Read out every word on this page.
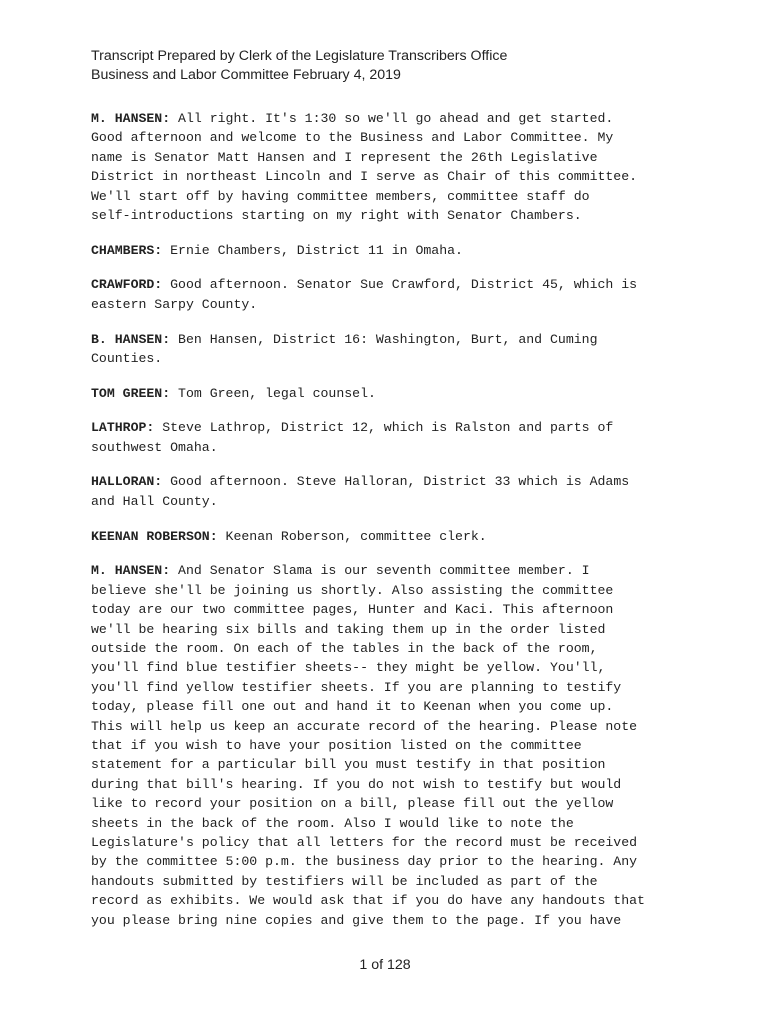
Transcript Prepared by Clerk of the Legislature Transcribers Office
Business and Labor Committee February 4, 2019
M. HANSEN: All right. It's 1:30 so we'll go ahead and get started.
Good afternoon and welcome to the Business and Labor Committee. My
name is Senator Matt Hansen and I represent the 26th Legislative
District in northeast Lincoln and I serve as Chair of this committee.
We'll start off by having committee members, committee staff do
self-introductions starting on my right with Senator Chambers.
CHAMBERS: Ernie Chambers, District 11 in Omaha.
CRAWFORD: Good afternoon. Senator Sue Crawford, District 45, which is
eastern Sarpy County.
B. HANSEN: Ben Hansen, District 16: Washington, Burt, and Cuming
Counties.
TOM GREEN: Tom Green, legal counsel.
LATHROP: Steve Lathrop, District 12, which is Ralston and parts of
southwest Omaha.
HALLORAN: Good afternoon. Steve Halloran, District 33 which is Adams
and Hall County.
KEENAN ROBERSON: Keenan Roberson, committee clerk.
M. HANSEN: And Senator Slama is our seventh committee member. I
believe she'll be joining us shortly. Also assisting the committee
today are our two committee pages, Hunter and Kaci. This afternoon
we'll be hearing six bills and taking them up in the order listed
outside the room. On each of the tables in the back of the room,
you'll find blue testifier sheets-- they might be yellow. You'll,
you'll find yellow testifier sheets. If you are planning to testify
today, please fill one out and hand it to Keenan when you come up.
This will help us keep an accurate record of the hearing. Please note
that if you wish to have your position listed on the committee
statement for a particular bill you must testify in that position
during that bill's hearing. If you do not wish to testify but would
like to record your position on a bill, please fill out the yellow
sheets in the back of the room. Also I would like to note the
Legislature's policy that all letters for the record must be received
by the committee 5:00 p.m. the business day prior to the hearing. Any
handouts submitted by testifiers will be included as part of the
record as exhibits. We would ask that if you do have any handouts that
you please bring nine copies and give them to the page. If you have
1 of 128
